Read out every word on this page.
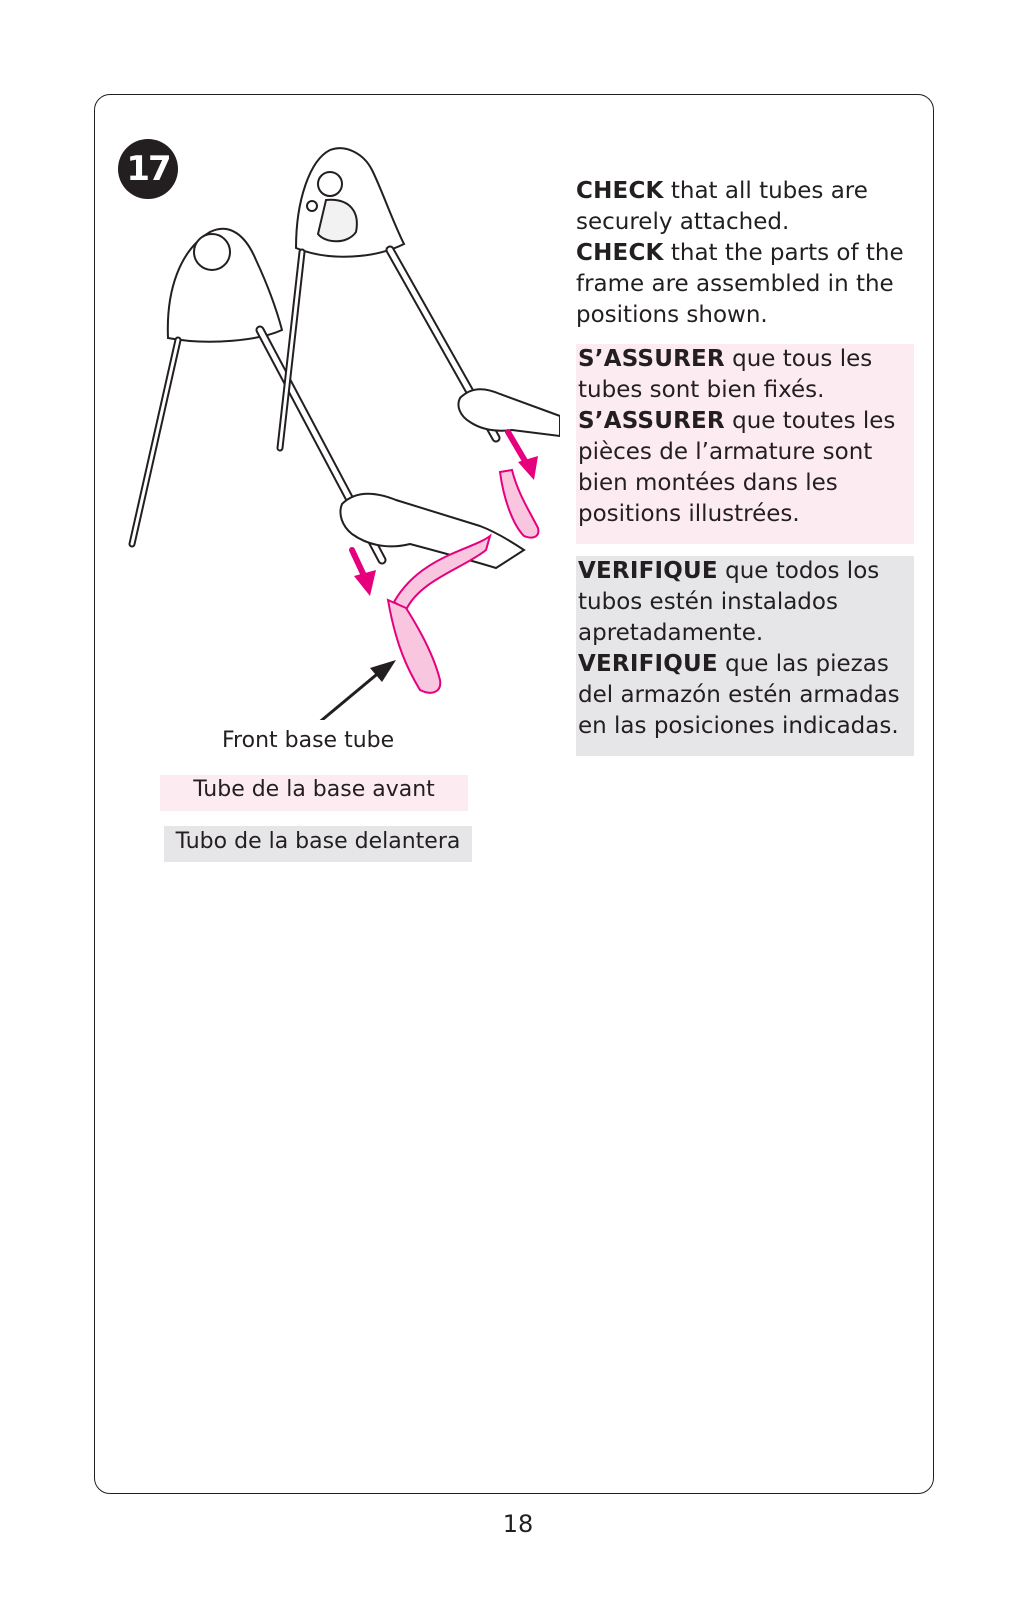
17
Front base tube
Tube de la base avant
Tubo de la base delantera

CHECK that all tubes are securely attached.

CHECK that the parts of the frame are assembled in the positions shown.

S’ASSURER que tous les tubes sont bien fixés.

S’ASSURER que toutes les pièces de l’armature sont bien montées dans les positions illustrées.

VERIFIQUE que todos los tubos estén instalados apretadamente.

VERIFIQUE que las piezas del armazón estén armadas en las posiciones indicadas.

18
